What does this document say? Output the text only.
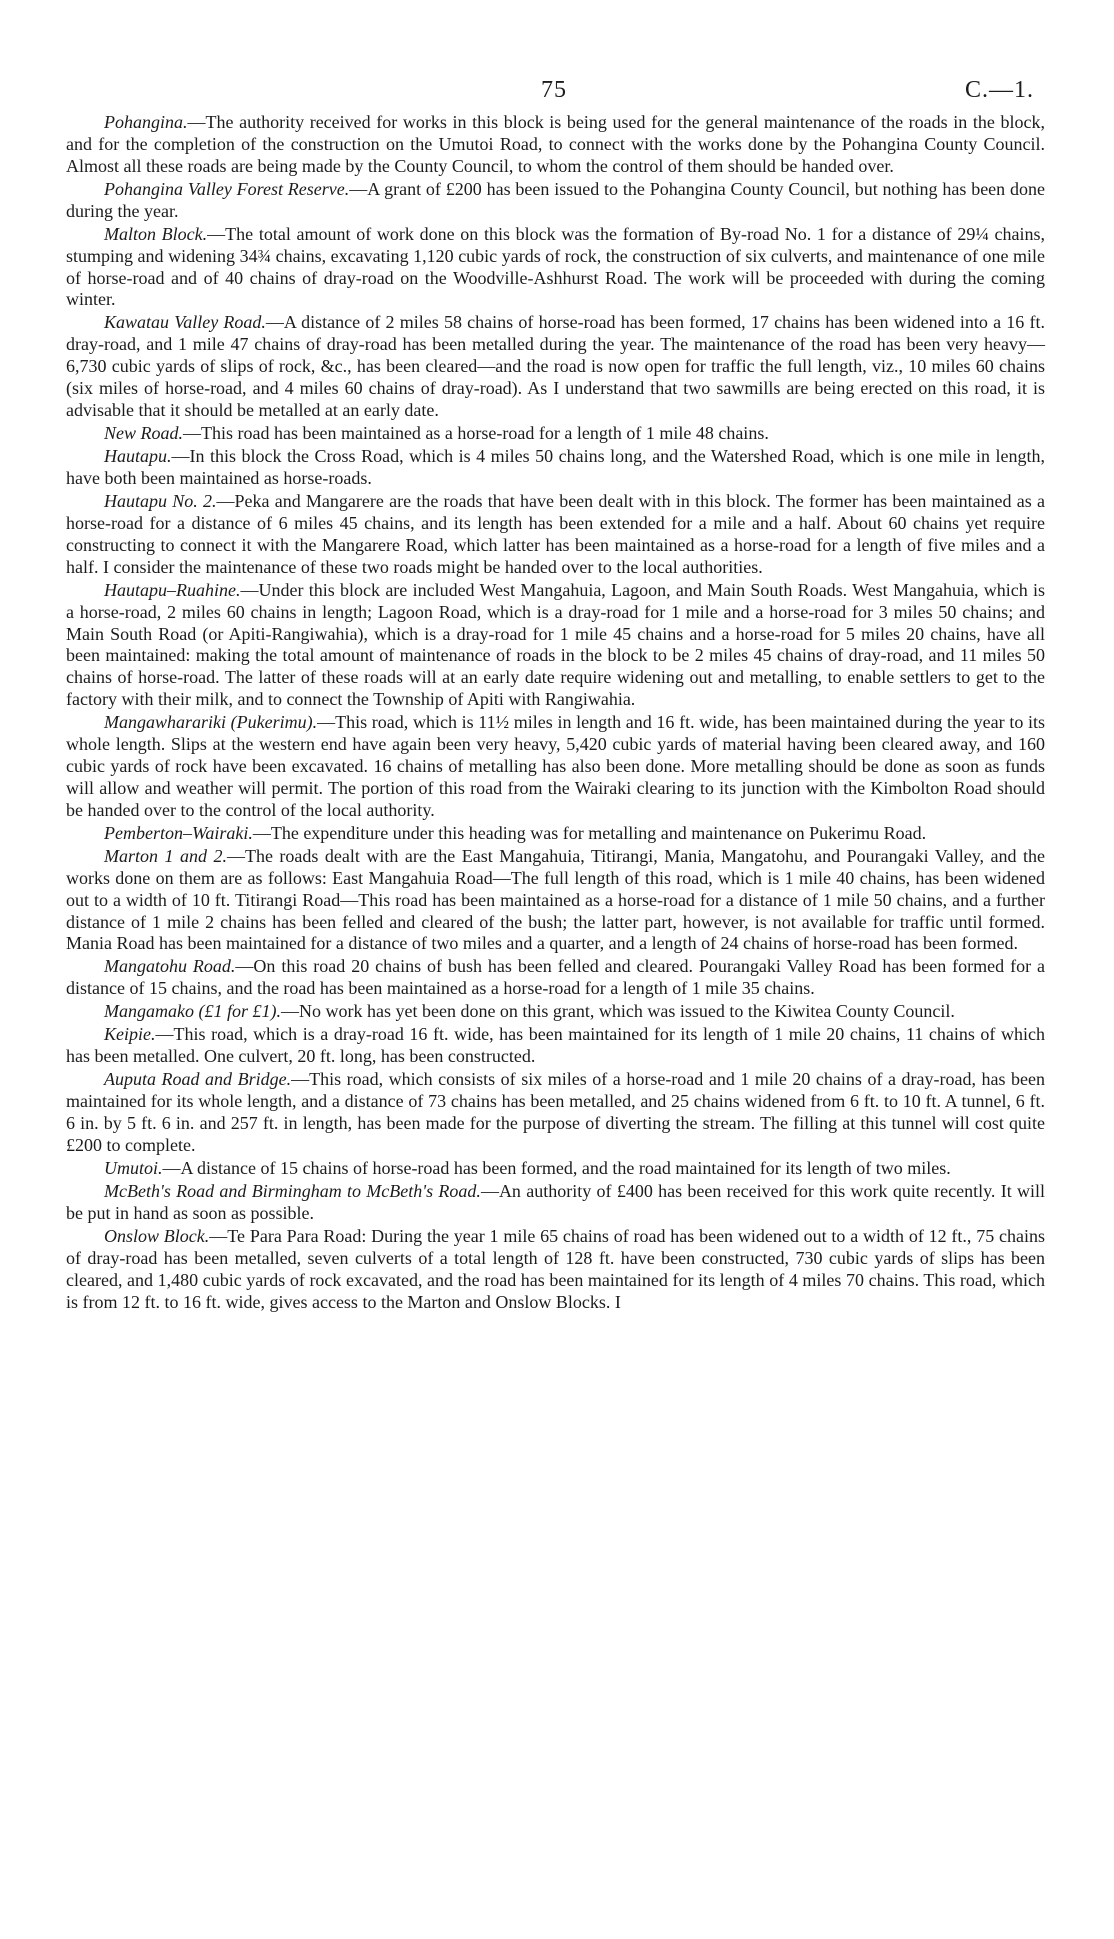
75	C.—1.

Pohangina.—The authority received for works in this block is being used for the general maintenance of the roads in the block, and for the completion of the construction on the Umutoi Road, to connect with the works done by the Pohangina County Council. Almost all these roads are being made by the County Council, to whom the control of them should be handed over.

Pohangina Valley Forest Reserve.—A grant of £200 has been issued to the Pohangina County Council, but nothing has been done during the year.

Malton Block.—The total amount of work done on this block was the formation of By-road No. 1 for a distance of 29¼ chains, stumping and widening 34¾ chains, excavating 1,120 cubic yards of rock, the construction of six culverts, and maintenance of one mile of horse-road and of 40 chains of dray-road on the Woodville-Ashhurst Road. The work will be proceeded with during the coming winter.

Kawatau Valley Road.—A distance of 2 miles 58 chains of horse-road has been formed, 17 chains has been widened into a 16 ft. dray-road, and 1 mile 47 chains of dray-road has been metalled during the year. The maintenance of the road has been very heavy—6,730 cubic yards of slips of rock, &c., has been cleared—and the road is now open for traffic the full length, viz., 10 miles 60 chains (six miles of horse-road, and 4 miles 60 chains of dray-road). As I understand that two sawmills are being erected on this road, it is advisable that it should be metalled at an early date.

New Road.—This road has been maintained as a horse-road for a length of 1 mile 48 chains.

Hautapu.—In this block the Cross Road, which is 4 miles 50 chains long, and the Watershed Road, which is one mile in length, have both been maintained as horse-roads.

Hautapu No. 2.—Peka and Mangarere are the roads that have been dealt with in this block. The former has been maintained as a horse-road for a distance of 6 miles 45 chains, and its length has been extended for a mile and a half. About 60 chains yet require constructing to connect it with the Mangarere Road, which latter has been maintained as a horse-road for a length of five miles and a half. I consider the maintenance of these two roads might be handed over to the local authorities.

Hautapu–Ruahine.—Under this block are included West Mangahuia, Lagoon, and Main South Roads. West Mangahuia, which is a horse-road, 2 miles 60 chains in length; Lagoon Road, which is a dray-road for 1 mile and a horse-road for 3 miles 50 chains; and Main South Road (or Apiti-Rangiwahia), which is a dray-road for 1 mile 45 chains and a horse-road for 5 miles 20 chains, have all been maintained: making the total amount of maintenance of roads in the block to be 2 miles 45 chains of dray-road, and 11 miles 50 chains of horse-road. The latter of these roads will at an early date require widening out and metalling, to enable settlers to get to the factory with their milk, and to connect the Township of Apiti with Rangiwahia.

Mangawharariki (Pukerimu).—This road, which is 11½ miles in length and 16 ft. wide, has been maintained during the year to its whole length. Slips at the western end have again been very heavy, 5,420 cubic yards of material having been cleared away, and 160 cubic yards of rock have been excavated. 16 chains of metalling has also been done. More metalling should be done as soon as funds will allow and weather will permit. The portion of this road from the Wairaki clearing to its junction with the Kimbolton Road should be handed over to the control of the local authority.

Pemberton–Wairaki.—The expenditure under this heading was for metalling and maintenance on Pukerimu Road.

Marton 1 and 2.—The roads dealt with are the East Mangahuia, Titirangi, Mania, Mangatohu, and Pourangaki Valley, and the works done on them are as follows: East Mangahuia Road—The full length of this road, which is 1 mile 40 chains, has been widened out to a width of 10 ft. Titirangi Road—This road has been maintained as a horse-road for a distance of 1 mile 50 chains, and a further distance of 1 mile 2 chains has been felled and cleared of the bush; the latter part, however, is not available for traffic until formed. Mania Road has been maintained for a distance of two miles and a quarter, and a length of 24 chains of horse-road has been formed.

Mangatohu Road.—On this road 20 chains of bush has been felled and cleared. Pourangaki Valley Road has been formed for a distance of 15 chains, and the road has been maintained as a horse-road for a length of 1 mile 35 chains.

Mangamako (£1 for £1).—No work has yet been done on this grant, which was issued to the Kiwitea County Council.

Keipie.—This road, which is a dray-road 16 ft. wide, has been maintained for its length of 1 mile 20 chains, 11 chains of which has been metalled. One culvert, 20 ft. long, has been constructed.

Auputa Road and Bridge.—This road, which consists of six miles of a horse-road and 1 mile 20 chains of a dray-road, has been maintained for its whole length, and a distance of 73 chains has been metalled, and 25 chains widened from 6 ft. to 10 ft. A tunnel, 6 ft. 6 in. by 5 ft. 6 in. and 257 ft. in length, has been made for the purpose of diverting the stream. The filling at this tunnel will cost quite £200 to complete.

Umutoi.—A distance of 15 chains of horse-road has been formed, and the road maintained for its length of two miles.

McBeth's Road and Birmingham to McBeth's Road.—An authority of £400 has been received for this work quite recently. It will be put in hand as soon as possible.

Onslow Block.—Te Para Para Road: During the year 1 mile 65 chains of road has been widened out to a width of 12 ft., 75 chains of dray-road has been metalled, seven culverts of a total length of 128 ft. have been constructed, 730 cubic yards of slips has been cleared, and 1,480 cubic yards of rock excavated, and the road has been maintained for its length of 4 miles 70 chains. This road, which is from 12 ft. to 16 ft. wide, gives access to the Marton and Onslow Blocks. I
